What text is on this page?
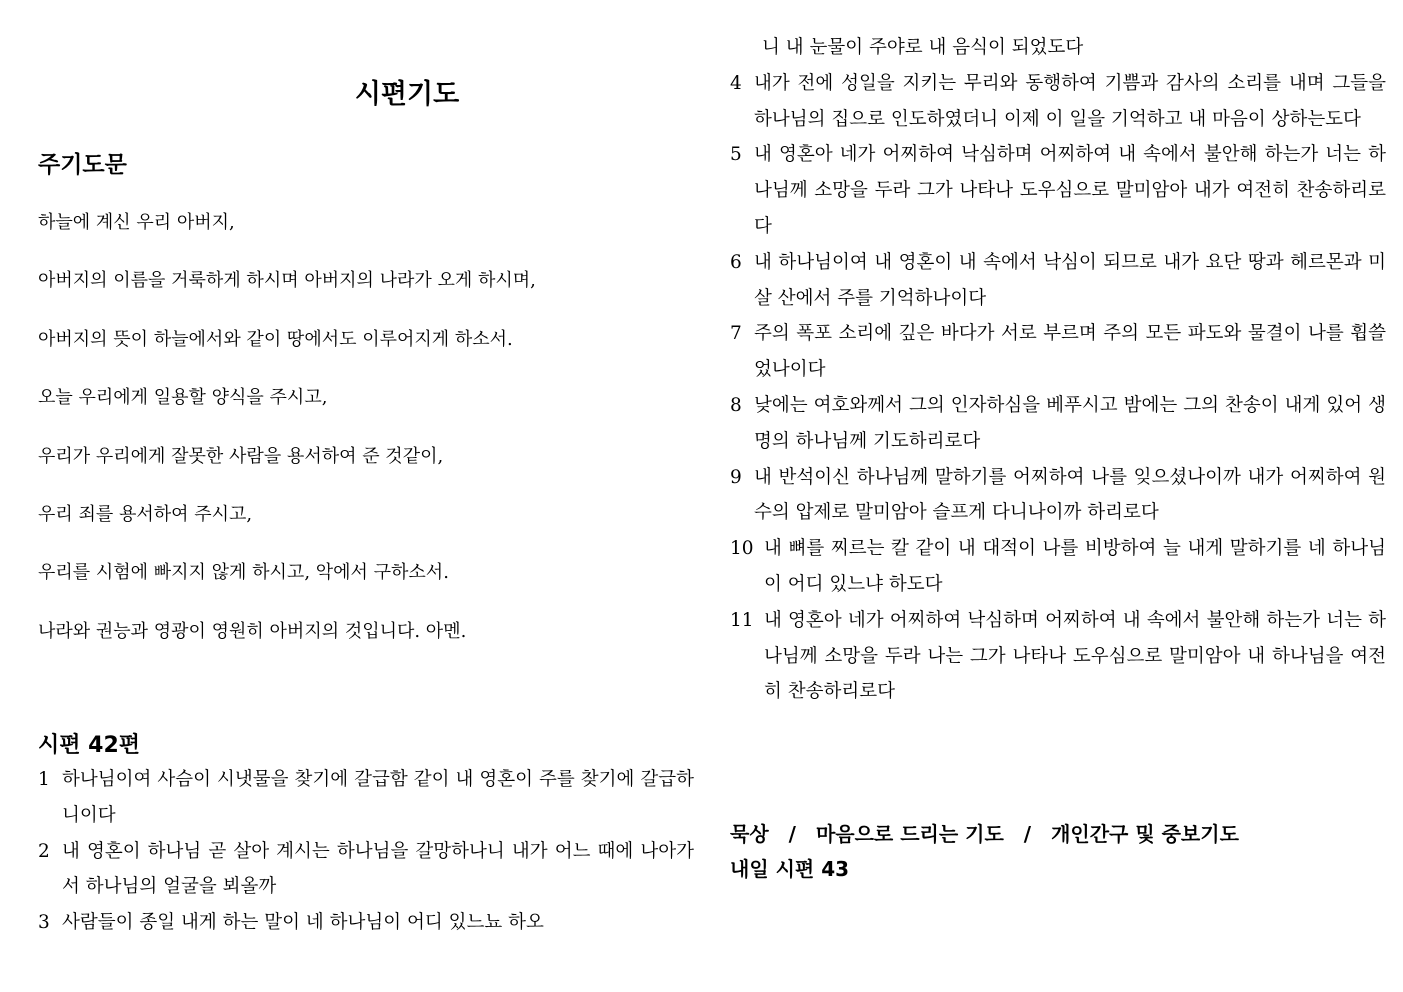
시편기도
주기도문
하늘에 계신 우리 아버지,
아버지의 이름을 거룩하게 하시며 아버지의 나라가 오게 하시며,
아버지의 뜻이 하늘에서와 같이 땅에서도 이루어지게 하소서.
오늘 우리에게 일용할 양식을 주시고,
우리가 우리에게 잘못한 사람을 용서하여 준 것같이,
우리 죄를 용서하여 주시고,
우리를 시험에 빠지지 않게 하시고, 악에서 구하소서.
나라와 권능과 영광이 영원히 아버지의 것입니다. 아멘.
시편 42편
1 하나님이여 사슴이 시냇물을 찾기에 갈급함 같이 내 영혼이 주를 찾기에 갈급하니이다
2 내 영혼이 하나님 곧 살아 계시는 하나님을 갈망하나니 내가 어느 때에 나아가서 하나님의 얼굴을 뵈올까
3 사람들이 종일 내게 하는 말이 네 하나님이 어디 있느뇨 하오
니 내 눈물이 주야로 내 음식이 되었도다
4 내가 전에 성일을 지키는 무리와 동행하여 기쁨과 감사의 소리를 내며 그들을 하나님의 집으로 인도하였더니 이제 이 일을 기억하고 내 마음이 상하는도다
5 내 영혼아 네가 어찌하여 낙심하며 어찌하여 내 속에서 불안해 하는가 너는 하나님께 소망을 두라 그가 나타나 도우심으로 말미암아 내가 여전히 찬송하리로다
6 내 하나님이여 내 영혼이 내 속에서 낙심이 되므로 내가 요단 땅과 헤르몬과 미살 산에서 주를 기억하나이다
7 주의 폭포 소리에 깊은 바다가 서로 부르며 주의 모든 파도와 물결이 나를 휩쓸었나이다
8 낮에는 여호와께서 그의 인자하심을 베푸시고 밤에는 그의 찬송이 내게 있어 생명의 하나님께 기도하리로다
9 내 반석이신 하나님께 말하기를 어찌하여 나를 잊으셨나이까 내가 어찌하여 원수의 압제로 말미암아 슬프게 다니나이까 하리로다
10 내 뼈를 찌르는 칼 같이 내 대적이 나를 비방하여 늘 내게 말하기를 네 하나님이 어디 있느냐 하도다
11 내 영혼아 네가 어찌하여 낙심하며 어찌하여 내 속에서 불안해 하는가 너는 하나님께 소망을 두라 나는 그가 나타나 도우심으로 말미암아 내 하나님을 여전히 찬송하리로다
묵상 / 마음으로 드리는 기도 / 개인간구 및 중보기도
내일 시편 43
